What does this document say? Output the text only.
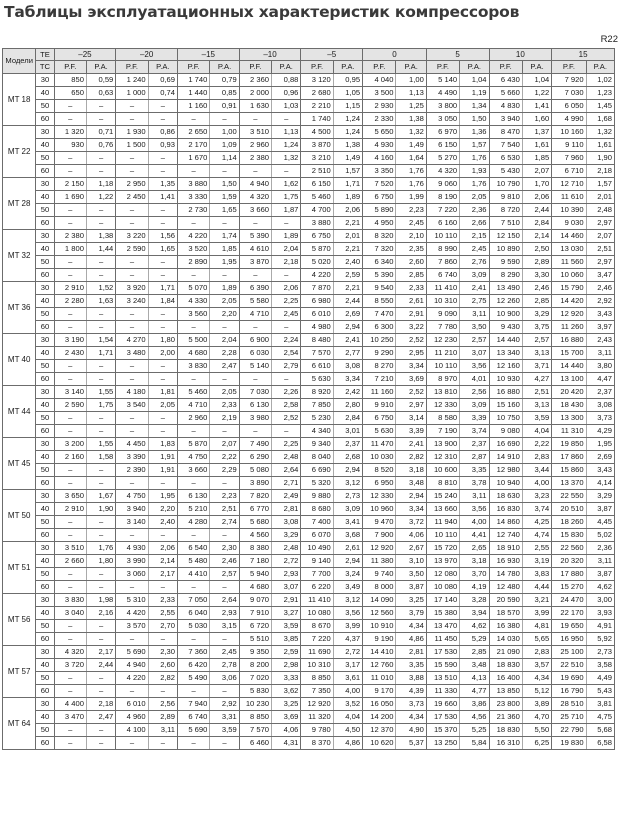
Таблицы эксплуатационных характеристик компрессоров
R22
Модели	TE	–25		–20		–15		–10		–5		0		5		10		15	
	TC	P.F.	P.A.	P.F.	P.A.	P.F.	P.A.	P.F.	P.A.	P.F.	P.A.	P.F.	P.A.	P.F.	P.A.	P.F.	P.A.	P.F.	P.A.
MT 18	30	850	0,59	1 240	0,69	1 740	0,79	2 360	0,88	3 120	0,95	4 040	1,00	5 140	1,04	6 430	1,04	7 920	1,02
	40	650	0,63	1 000	0,74	1 440	0,85	2 000	0,96	2 680	1,05	3 500	1,13	4 490	1,19	5 660	1,22	7 030	1,23
	50	–	–	–	–	1 160	0,91	1 630	1,03	2 210	1,15	2 930	1,25	3 800	1,34	4 830	1,41	6 050	1,45
	60	–	–	–	–	–	–	–	–	1 740	1,24	2 330	1,38	3 050	1,50	3 940	1,60	4 990	1,68
MT 22	30	1 320	0,71	1 930	0,86	2 650	1,00	3 510	1,13	4 500	1,24	5 650	1,32	6 970	1,36	8 470	1,37	10 160	1,32
	40	930	0,76	1 500	0,93	2 170	1,09	2 960	1,24	3 870	1,38	4 930	1,49	6 150	1,57	7 540	1,61	9 110	1,61
	50	–	–	–	–	1 670	1,14	2 380	1,32	3 210	1,49	4 160	1,64	5 270	1,76	6 530	1,85	7 960	1,90
	60	–	–	–	–	–	–	–	–	2 510	1,57	3 350	1,76	4 320	1,93	5 430	2,07	6 710	2,18
MT 28	30	2 150	1,18	2 950	1,35	3 880	1,50	4 940	1,62	6 150	1,71	7 520	1,76	9 060	1,76	10 790	1,70	12 710	1,57
	40	1 690	1,22	2 450	1,41	3 330	1,59	4 320	1,75	5 460	1,89	6 750	1,99	8 190	2,05	9 810	2,06	11 610	2,01
	50	–	–	–	–	2 730	1,65	3 660	1,87	4 700	2,06	5 890	2,23	7 220	2,36	8 720	2,44	10 390	2,48
	60	–	–	–	–	–	–	–	–	3 880	2,21	4 950	2,45	6 160	2,66	7 510	2,84	9 030	2,97
MT 32	30	2 380	1,38	3 220	1,56	4 220	1,74	5 390	1,89	6 750	2,01	8 320	2,10	10 110	2,15	12 150	2,14	14 460	2,07
	40	1 800	1,44	2 590	1,65	3 520	1,85	4 610	2,04	5 870	2,21	7 320	2,35	8 990	2,45	10 890	2,50	13 030	2,51
	50	–	–	–	–	2 890	1,95	3 870	2,18	5 020	2,40	6 340	2,60	7 860	2,76	9 590	2,89	11 560	2,97
	60	–	–	–	–	–	–	–	–	4 220	2,59	5 390	2,85	6 740	3,09	8 290	3,30	10 060	3,47
MT 36	30	2 910	1,52	3 920	1,71	5 070	1,89	6 390	2,06	7 870	2,21	9 540	2,33	11 410	2,41	13 490	2,46	15 790	2,46
	40	2 280	1,63	3 240	1,84	4 330	2,05	5 580	2,25	6 980	2,44	8 550	2,61	10 310	2,75	12 260	2,85	14 420	2,92
	50	–	–	–	–	3 560	2,20	4 710	2,45	6 010	2,69	7 470	2,91	9 090	3,11	10 900	3,29	12 920	3,43
	60	–	–	–	–	–	–	–	–	4 980	2,94	6 300	3,22	7 780	3,50	9 430	3,75	11 260	3,97
MT 40	30	3 190	1,54	4 270	1,80	5 500	2,04	6 900	2,24	8 480	2,41	10 250	2,52	12 230	2,57	14 440	2,57	16 880	2,43
	40	2 430	1,71	3 480	2,00	4 680	2,28	6 030	2,54	7 570	2,77	9 290	2,95	11 210	3,07	13 340	3,13	15 700	3,11
	50	–	–	–	–	3 830	2,47	5 140	2,79	6 610	3,08	8 270	3,34	10 110	3,56	12 160	3,71	14 440	3,80
	60	–	–	–	–	–	–	–	–	5 630	3,34	7 210	3,69	8 970	4,01	10 930	4,27	13 100	4,47
MT 44	30	3 140	1,55	4 180	1,81	5 460	2,05	7 030	2,26	8 920	2,42	11 160	2,52	13 810	2,56	16 880	2,51	20 420	2,37
	40	2 590	1,75	3 540	2,05	4 710	2,33	6 130	2,58	7 850	2,80	9 910	2,97	12 330	3,09	15 160	3,13	18 430	3,08
	50	–	–	–	–	2 960	2,19	3 980	2,52	5 230	2,84	6 750	3,14	8 580	3,39	10 750	3,59	13 300	3,73
	60	–	–	–	–	–	–	–	–	4 340	3,01	5 630	3,39	7 190	3,74	9 080	4,04	11 310	4,29
MT 45	30	3 200	1,55	4 450	1,83	5 870	2,07	7 490	2,25	9 340	2,37	11 470	2,41	13 900	2,37	16 690	2,22	19 850	1,95
	40	2 160	1,58	3 390	1,91	4 750	2,22	6 290	2,48	8 040	2,68	10 030	2,82	12 310	2,87	14 910	2,83	17 860	2,69
	50	–	–	2 390	1,91	3 660	2,29	5 080	2,64	6 690	2,94	8 520	3,18	10 600	3,35	12 980	3,44	15 860	3,43
	60	–	–	–	–	–	–	3 890	2,71	5 320	3,12	6 950	3,48	8 810	3,78	10 940	4,00	13 370	4,14
MT 50	30	3 650	1,67	4 750	1,95	6 130	2,23	7 820	2,49	9 880	2,73	12 330	2,94	15 240	3,11	18 630	3,23	22 550	3,29
	40	2 910	1,90	3 940	2,20	5 210	2,51	6 770	2,81	8 680	3,09	10 960	3,34	13 660	3,56	16 830	3,74	20 510	3,87
	50	–	–	3 140	2,40	4 280	2,74	5 680	3,08	7 400	3,41	9 470	3,72	11 940	4,00	14 860	4,25	18 260	4,45
	60	–	–	–	–	–	–	4 560	3,29	6 070	3,68	7 900	4,06	10 110	4,41	12 740	4,74	15 830	5,02
MT 51	30	3 510	1,76	4 930	2,06	6 540	2,30	8 380	2,48	10 490	2,61	12 920	2,67	15 720	2,65	18 910	2,55	22 560	2,36
	40	2 660	1,80	3 990	2,14	5 480	2,46	7 180	2,72	9 140	2,94	11 380	3,10	13 970	3,18	16 930	3,19	20 320	3,11
	50	–	–	3 060	2,17	4 410	2,57	5 940	2,93	7 700	3,24	9 740	3,50	12 080	3,70	14 780	3,83	17 880	3,87
	60	–	–	–	–	–	–	4 680	3,07	6 220	3,49	8 000	3,87	10 080	4,19	12 480	4,44	15 270	4,62
MT 56	30	3 830	1,98	5 310	2,33	7 050	2,64	9 070	2,91	11 410	3,12	14 090	3,25	17 140	3,28	20 590	3,21	24 470	3,00
	40	3 040	2,16	4 420	2,55	6 040	2,93	7 910	3,27	10 080	3,56	12 560	3,79	15 380	3,94	18 570	3,99	22 170	3,93
	50	–	–	3 570	2,70	5 030	3,15	6 720	3,59	8 670	3,99	10 910	4,34	13 470	4,62	16 380	4,81	19 650	4,91
	60	–	–	–	–	–	–	5 510	3,85	7 220	4,37	9 190	4,86	11 450	5,29	14 030	5,65	16 950	5,92
MT 57	30	4 320	2,17	5 690	2,30	7 360	2,45	9 350	2,59	11 690	2,72	14 410	2,81	17 530	2,85	21 090	2,83	25 100	2,73
	40	3 720	2,44	4 940	2,60	6 420	2,78	8 200	2,98	10 310	3,17	12 760	3,35	15 590	3,48	18 830	3,57	22 510	3,58
	50	–	–	4 220	2,82	5 490	3,06	7 020	3,33	8 850	3,61	11 010	3,88	13 510	4,13	16 400	4,34	19 690	4,49
	60	–	–	–	–	–	–	5 830	3,62	7 350	4,00	9 170	4,39	11 330	4,77	13 850	5,12	16 790	5,43
MT 64	30	4 400	2,18	6 010	2,56	7 940	2,92	10 230	3,25	12 920	3,52	16 050	3,73	19 660	3,86	23 800	3,89	28 510	3,81
	40	3 470	2,47	4 960	2,89	6 740	3,31	8 850	3,69	11 320	4,04	14 200	4,34	17 530	4,56	21 360	4,70	25 710	4,75
	50	–	–	4 100	3,11	5 690	3,59	7 570	4,06	9 780	4,50	12 370	4,90	15 370	5,25	18 830	5,50	22 790	5,68
	60	–	–	–	–	–	–	6 460	4,31	8 370	4,86	10 620	5,37	13 250	5,84	16 310	6,25	19 830	6,58
